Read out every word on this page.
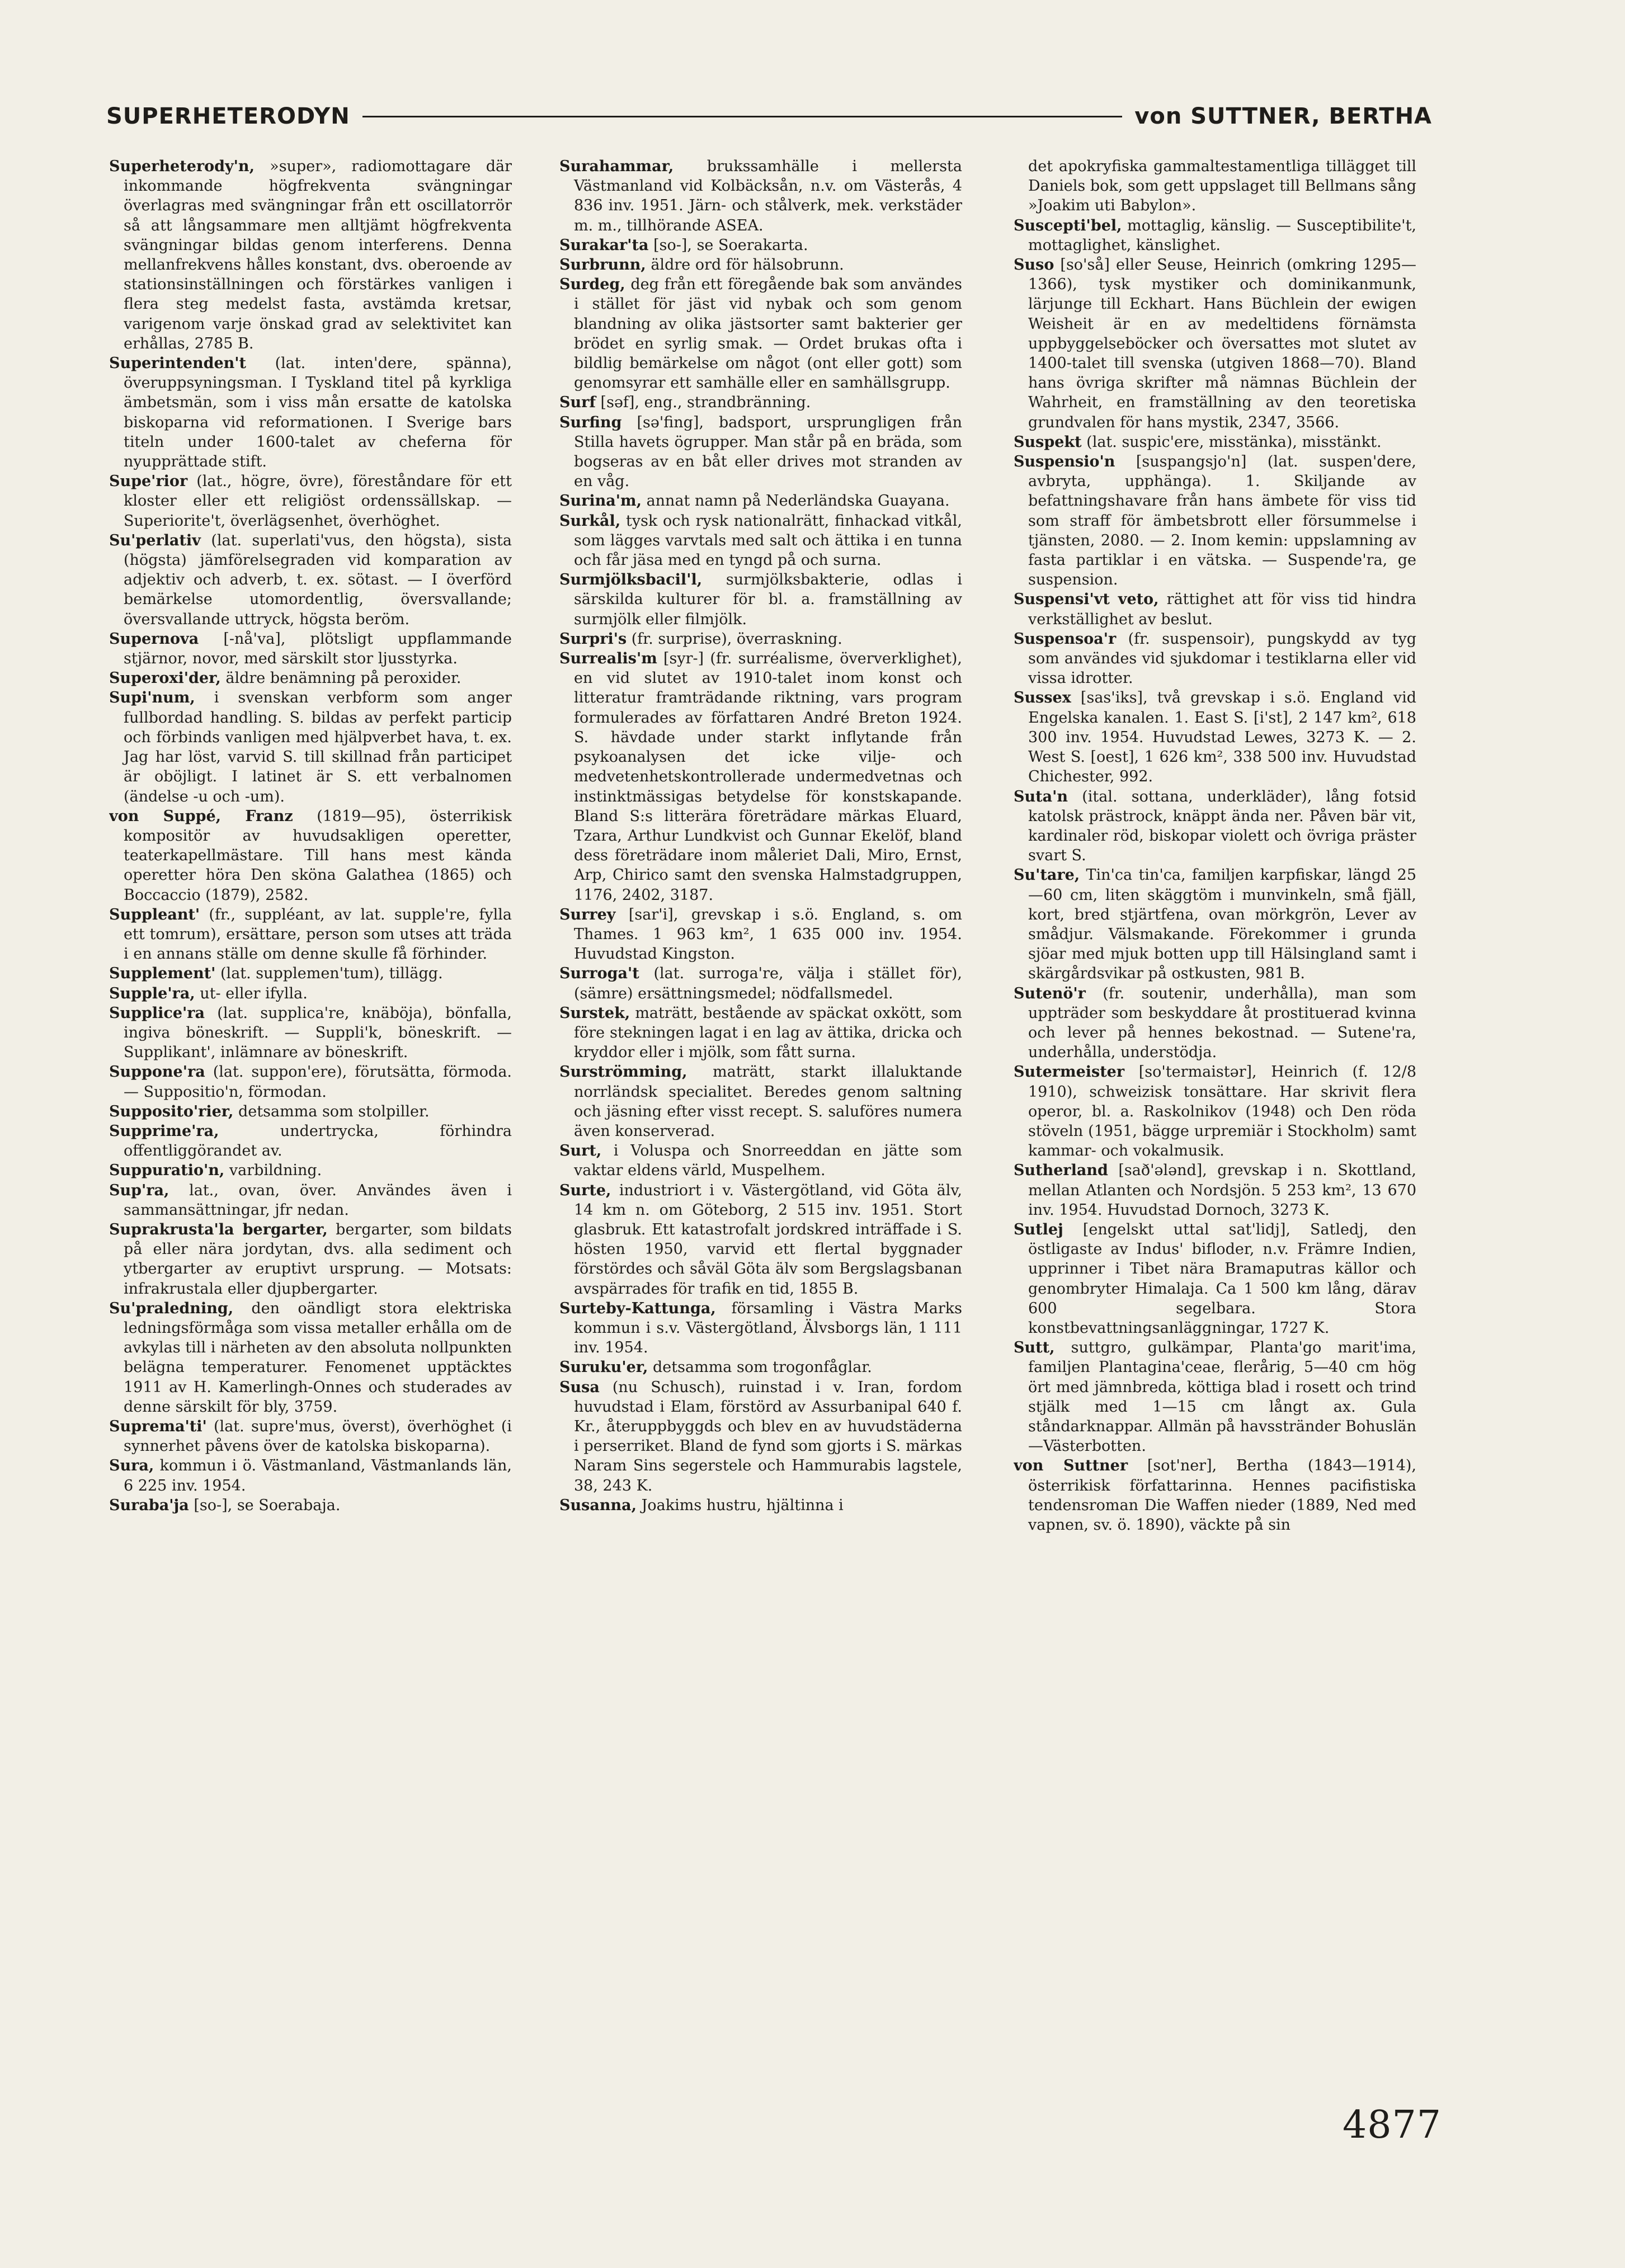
SUPERHETERODYN	von SUTTNER, BERTHA

Superheterody'n, »super», radiomottagare där inkommande högfrekventa svängningar överlagras med svängningar från ett oscillatorrör så att långsammare men alltjämt högfrekventa svängningar bildas genom interferens. Denna mellanfrekvens hålles konstant, dvs. oberoende av stationsinställningen och förstärkes vanligen i flera steg medelst fasta, avstämda kretsar, varigenom varje önskad grad av selektivitet kan erhållas, 2785 B.

Superintenden't (lat. inten'dere, spänna), överuppsyningsman. I Tyskland titel på kyrkliga ämbetsmän, som i viss mån ersatte de katolska biskoparna vid reformationen. I Sverige bars titeln under 1600-talet av cheferna för nyupprättade stift.

Supe'rior (lat., högre, övre), föreståndare för ett kloster eller ett religiöst ordenssällskap. — Superiorite't, överlägsenhet, överhöghet.

Su'perlativ (lat. superlati'vus, den högsta), sista (högsta) jämförelsegraden vid komparation av adjektiv och adverb, t. ex. sötast. — I överförd bemärkelse utomordentlig, översvallande; översvallande uttryck, högsta beröm.

Supernova [-nå'va], plötsligt uppflammande stjärnor, novor, med särskilt stor ljusstyrka.

Superoxi'der, äldre benämning på peroxider.

Supi'num, i svenskan verbform som anger fullbordad handling. S. bildas av perfekt particip och förbinds vanligen med hjälpverbet hava, t. ex. Jag har löst, varvid S. till skillnad från participet är oböjligt. I latinet är S. ett verbalnomen (ändelse -u och -um).

von Suppé, Franz (1819—95), österrikisk kompositör av huvudsakligen operetter, teaterkapellmästare. Till hans mest kända operetter höra Den sköna Galathea (1865) och Boccaccio (1879), 2582.

Suppleant' (fr., suppléant, av lat. supple're, fylla ett tomrum), ersättare, person som utses att träda i en annans ställe om denne skulle få förhinder.

Supplement' (lat. supplemen'tum), tillägg.

Supple'ra, ut- eller ifylla.

Supplice'ra (lat. supplica're, knäböja), bönfalla, ingiva böneskrift. — Suppli'k, böneskrift. — Supplikant', inlämnare av böneskrift.

Suppone'ra (lat. suppon'ere), förutsätta, förmoda. — Suppositio'n, förmodan.

Supposito'rier, detsamma som stolpiller.

Supprime'ra, undertrycka, förhindra offentliggörandet av.

Suppuratio'n, varbildning.

Sup'ra, lat., ovan, över. Användes även i sammansättningar, jfr nedan.

Suprakrusta'la bergarter, bergarter, som bildats på eller nära jordytan, dvs. alla sediment och ytbergarter av eruptivt ursprung. — Motsats: infrakrustala eller djupbergarter.

Su'praledning, den oändligt stora elektriska ledningsförmåga som vissa metaller erhålla om de avkylas till i närheten av den absoluta nollpunkten belägna temperaturer. Fenomenet upptäcktes 1911 av H. Kamerlingh-Onnes och studerades av denne särskilt för bly, 3759.

Suprema'ti' (lat. supre'mus, överst), överhöghet (i synnerhet påvens över de katolska biskoparna).

Sura, kommun i ö. Västmanland, Västmanlands län, 6 225 inv. 1954.

Suraba'ja [so-], se Soerabaja.

Surahammar, brukssamhälle i mellersta Västmanland vid Kolbäcksån, n.v. om Västerås, 4 836 inv. 1951. Järn- och stålverk, mek. verkstäder m. m., tillhörande ASEA.

Surakar'ta [so-], se Soerakarta.

Surbrunn, äldre ord för hälsobrunn.

Surdeg, deg från ett föregående bak som användes i stället för jäst vid nybak och som genom blandning av olika jästsorter samt bakterier ger brödet en syrlig smak. — Ordet brukas ofta i bildlig bemärkelse om något (ont eller gott) som genomsyrar ett samhälle eller en samhällsgrupp.

Surf [səf], eng., strandbränning.

Surfing [sə'fing], badsport, ursprungligen från Stilla havets ögrupper. Man står på en bräda, som bogseras av en båt eller drives mot stranden av en våg.

Surina'm, annat namn på Nederländska Guayana.

Surkål, tysk och rysk nationalrätt, finhackad vitkål, som lägges varvtals med salt och ättika i en tunna och får jäsa med en tyngd på och surna.

Surmjölksbacil'l, surmjölksbakterie, odlas i särskilda kulturer för bl. a. framställning av surmjölk eller filmjölk.

Surpri's (fr. surprise), överraskning.

Surrealis'm [syr-] (fr. surréalisme, öververklighet), en vid slutet av 1910-talet inom konst och litteratur framträdande riktning, vars program formulerades av författaren André Breton 1924. S. hävdade under starkt inflytande från psykoanalysen det icke vilje- och medvetenhetskontrollerade undermedvetnas och instinktmässigas betydelse för konstskapande. Bland S:s litterära företrädare märkas Eluard, Tzara, Arthur Lundkvist och Gunnar Ekelöf, bland dess företrädare inom måleriet Dali, Miro, Ernst, Arp, Chirico samt den svenska Halmstadgruppen, 1176, 2402, 3187.

Surrey [sar'i], grevskap i s.ö. England, s. om Thames. 1 963 km², 1 635 000 inv. 1954. Huvudstad Kingston.

Surroga't (lat. surroga're, välja i stället för), (sämre) ersättningsmedel; nödfallsmedel.

Surstek, maträtt, bestående av späckat oxkött, som före stekningen lagat i en lag av ättika, dricka och kryddor eller i mjölk, som fått surna.

Surströmming, maträtt, starkt illaluktande norrländsk specialitet. Beredes genom saltning och jäsning efter visst recept. S. saluföres numera även konserverad.

Surt, i Voluspa och Snorreeddan en jätte som vaktar eldens värld, Muspelhem.

Surte, industriort i v. Västergötland, vid Göta älv, 14 km n. om Göteborg, 2 515 inv. 1951. Stort glasbruk. Ett katastrofalt jordskred inträffade i S. hösten 1950, varvid ett flertal byggnader förstördes och såväl Göta älv som Bergslagsbanan avspärrades för trafik en tid, 1855 B.

Surteby-Kattunga, församling i Västra Marks kommun i s.v. Västergötland, Älvsborgs län, 1 111 inv. 1954.

Suruku'er, detsamma som trogonfåglar.

Susa (nu Schusch), ruinstad i v. Iran, fordom huvudstad i Elam, förstörd av Assurbanipal 640 f. Kr., återuppbyggds och blev en av huvudstäderna i perserriket. Bland de fynd som gjorts i S. märkas Naram Sins segerstele och Hammurabis lagstele, 38, 243 K.

Susanna, Joakims hustru, hjältinna i

det apokryfiska gammaltestamentliga tillägget till Daniels bok, som gett uppslaget till Bellmans sång »Joakim uti Babylon».

Suscepti'bel, mottaglig, känslig. — Susceptibilite't, mottaglighet, känslighet.

Suso [so'så] eller Seuse, Heinrich (omkring 1295—1366), tysk mystiker och dominikanmunk, lärjunge till Eckhart. Hans Büchlein der ewigen Weisheit är en av medeltidens förnämsta uppbyggelseböcker och översattes mot slutet av 1400-talet till svenska (utgiven 1868—70). Bland hans övriga skrifter må nämnas Büchlein der Wahrheit, en framställning av den teoretiska grundvalen för hans mystik, 2347, 3566.

Suspekt (lat. suspic'ere, misstänka), misstänkt.

Suspensio'n [suspangsjo'n] (lat. suspen'dere, avbryta, upphänga). 1. Skiljande av befattningshavare från hans ämbete för viss tid som straff för ämbetsbrott eller försummelse i tjänsten, 2080. — 2. Inom kemin: uppslamning av fasta partiklar i en vätska. — Suspende'ra, ge suspension.

Suspensi'vt veto, rättighet att för viss tid hindra verkställighet av beslut.

Suspensoa'r (fr. suspensoir), pungskydd av tyg som användes vid sjukdomar i testiklarna eller vid vissa idrotter.

Sussex [sas'iks], två grevskap i s.ö. England vid Engelska kanalen. 1. East S. [i'st], 2 147 km², 618 300 inv. 1954. Huvudstad Lewes, 3273 K. — 2. West S. [oest], 1 626 km², 338 500 inv. Huvudstad Chichester, 992.

Suta'n (ital. sottana, underkläder), lång fotsid katolsk prästrock, knäppt ända ner. Påven bär vit, kardinaler röd, biskopar violett och övriga präster svart S.

Su'tare, Tin'ca tin'ca, familjen karpfiskar, längd 25—60 cm, liten skäggtöm i munvinkeln, små fjäll, kort, bred stjärtfena, ovan mörkgrön, Lever av smådjur. Välsmakande. Förekommer i grunda sjöar med mjuk botten upp till Hälsingland samt i skärgårdsvikar på ostkusten, 981 B.

Sutenö'r (fr. soutenir, underhålla), man som uppträder som beskyddare åt prostituerad kvinna och lever på hennes bekostnad. — Sutene'ra, underhålla, understödja.

Sutermeister [so'termaistər], Heinrich (f. 12/8 1910), schweizisk tonsättare. Har skrivit flera operor, bl. a. Raskolnikov (1948) och Den röda stöveln (1951, bägge urpremiär i Stockholm) samt kammar- och vokalmusik.

Sutherland [sað'ələnd], grevskap i n. Skottland, mellan Atlanten och Nordsjön. 5 253 km², 13 670 inv. 1954. Huvudstad Dornoch, 3273 K.

Sutlej [engelskt uttal sat'lidj], Satledj, den östligaste av Indus' bifloder, n.v. Främre Indien, upprinner i Tibet nära Bramaputras källor och genombryter Himalaja. Ca 1 500 km lång, därav 600 segelbara. Stora konstbevattningsanläggningar, 1727 K.

Sutt, suttgro, gulkämpar, Planta'go marit'ima, familjen Plantagina'ceae, flerårig, 5—40 cm hög ört med jämnbreda, köttiga blad i rosett och trind stjälk med 1—15 cm långt ax. Gula ståndarknappar. Allmän på havsstränder Bohuslän—Västerbotten.

von Suttner [sot'ner], Bertha (1843—1914), österrikisk författarinna. Hennes pacifistiska tendensroman Die Waffen nieder (1889, Ned med vapnen, sv. ö. 1890), väckte på sin

4877
